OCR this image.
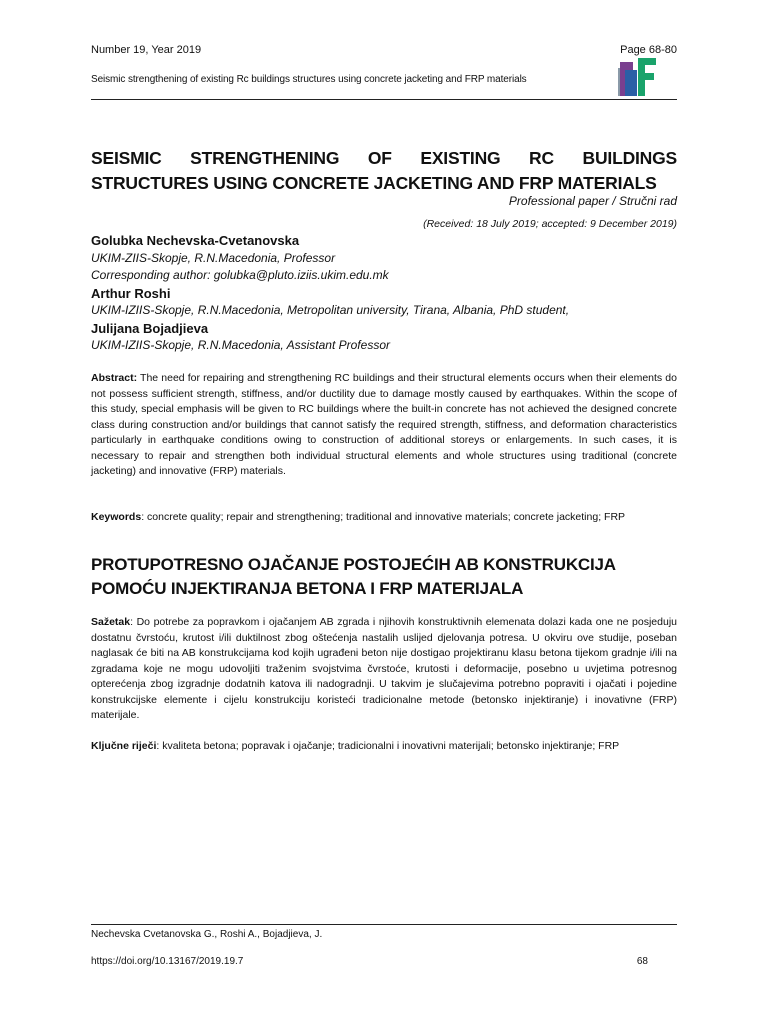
Number 19, Year 2019	Page 68-80
Seismic strengthening of existing Rc buildings structures using concrete jacketing and FRP materials
SEISMIC STRENGTHENING OF EXISTING RC BUILDINGS STRUCTURES USING CONCRETE JACKETING AND FRP MATERIALS
Professional paper / Stručni rad
(Received: 18 July 2019; accepted: 9 December 2019)
Golubka Nechevska-Cvetanovska
UKIM-ZIIS-Skopje, R.N.Macedonia, Professor
Corresponding author: golubka@pluto.iziis.ukim.edu.mk
Arthur Roshi
UKIM-IZIIS-Skopje, R.N.Macedonia, Metropolitan university, Tirana, Albania, PhD student,
Julijana Bojadjieva
UKIM-IZIIS-Skopje, R.N.Macedonia, Assistant Professor

Abstract: The need for repairing and strengthening RC buildings and their structural elements occurs when their elements do not possess sufficient strength, stiffness, and/or ductility due to damage mostly caused by earthquakes. Within the scope of this study, special emphasis will be given to RC buildings where the built-in concrete has not achieved the designed concrete class during construction and/or buildings that cannot satisfy the required strength, stiffness, and deformation characteristics particularly in earthquake conditions owing to construction of additional storeys or enlargements. In such cases, it is necessary to repair and strengthen both individual structural elements and whole structures using traditional (concrete jacketing) and innovative (FRP) materials.

Keywords: concrete quality; repair and strengthening; traditional and innovative materials; concrete jacketing; FRP

PROTUPOTRESNO OJAČANJE POSTOJEĆIH AB KONSTRUKCIJA POMOĆU INJEKTIRANJA BETONA I FRP MATERIJALA

Sažetak: Do potrebe za popravkom i ojačanjem AB zgrada i njihovih konstruktivnih elemenata dolazi kada one ne posjeduju dostatnu čvrstoću, krutost i/ili duktilnost zbog oštećenja nastalih uslijed djelovanja potresa. U okviru ove studije, poseban naglasak će biti na AB konstrukcijama kod kojih ugrađeni beton nije dostigao projektiranu klasu betona tijekom gradnje i/ili na zgradama koje ne mogu udovoljiti traženim svojstvima čvrstoće, krutosti i deformacije, posebno u uvjetima potresnog opterećenja zbog izgradnje dodatnih katova ili nadogradnji. U takvim je slučajevima potrebno popraviti i ojačati i pojedine konstrukcijske elemente i cijelu konstrukciju koristeći tradicionalne metode (betonsko injektiranje) i inovativne (FRP) materijale.

Ključne riječi: kvaliteta betona; popravak i ojačanje; tradicionalni i inovativni materijali; betonsko injektiranje; FRP

Nechevska Cvetanovska G., Roshi A., Bojadjieva, J.
https://doi.org/10.13167/2019.19.7	68
